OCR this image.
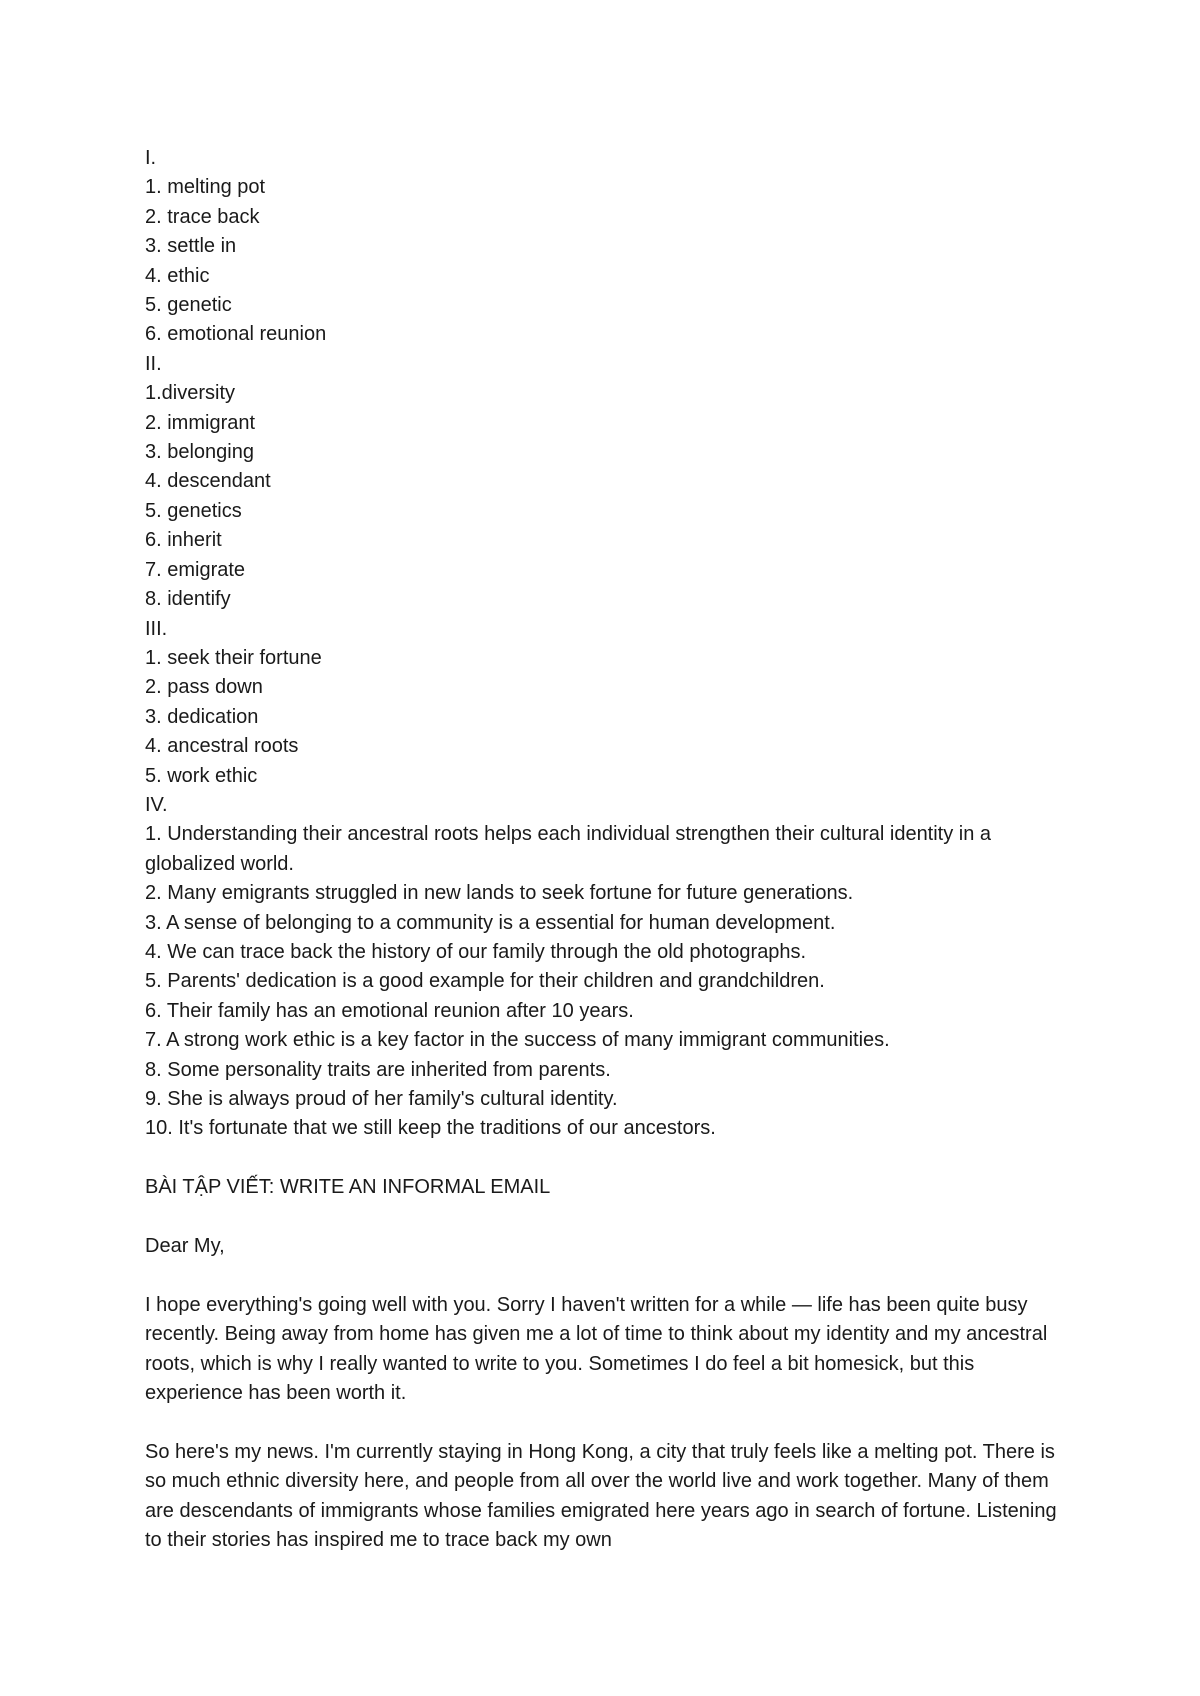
I.
1. melting pot
2. trace back
3. settle in
4. ethic
5. genetic
6. emotional reunion
II.
1.diversity
2. immigrant
3. belonging
4. descendant
5. genetics
6. inherit
7. emigrate
8. identify
III.
1. seek their fortune
2. pass down
3. dedication
4. ancestral roots
5. work ethic
IV.
1. Understanding their ancestral roots helps each individual strengthen their cultural identity in a globalized world.
2. Many emigrants struggled in new lands to seek fortune for future generations.
3. A sense of belonging to a community is a essential for human development.
4. We can trace back the history of our family through the old photographs.
5. Parents' dedication is a good example for their children and grandchildren.
6. Their family has an emotional reunion after 10 years.
7. A strong work ethic is a key factor in the success of many immigrant communities.
8. Some personality traits are inherited from parents.
9. She is always proud of her family's cultural identity.
10. It's fortunate that we still keep the traditions of our ancestors.
BÀI TẬP VIẾT: WRITE AN INFORMAL EMAIL
Dear My,

I hope everything's going well with you. Sorry I haven't written for a while — life has been quite busy recently. Being away from home has given me a lot of time to think about my identity and my ancestral roots, which is why I really wanted to write to you. Sometimes I do feel a bit homesick, but this experience has been worth it.

So here's my news. I'm currently staying in Hong Kong, a city that truly feels like a melting pot. There is so much ethnic diversity here, and people from all over the world live and work together. Many of them are descendants of immigrants whose families emigrated here years ago in search of fortune. Listening to their stories has inspired me to trace back my own
